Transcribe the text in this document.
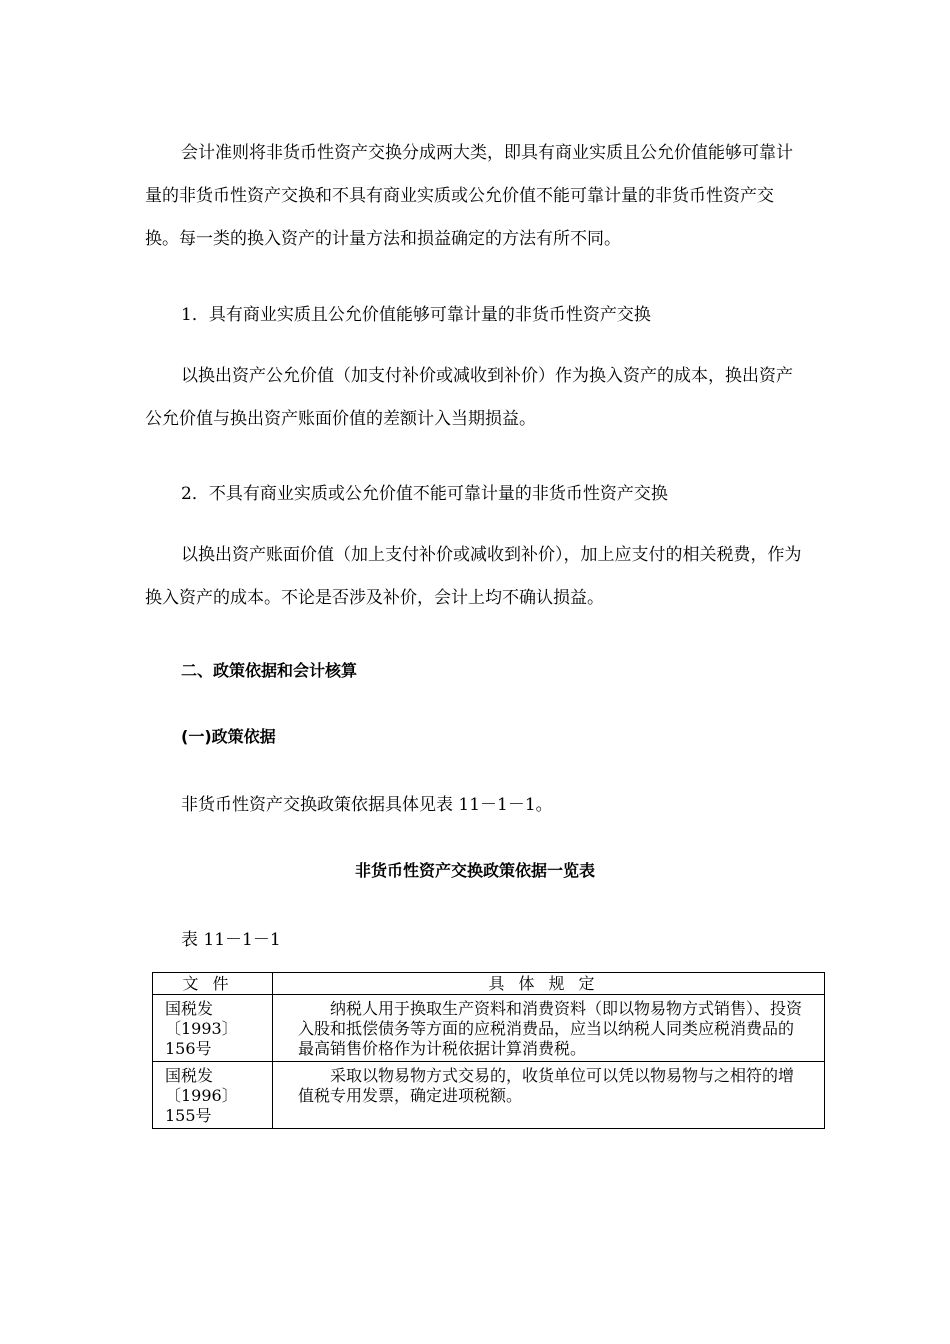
会计准则将非货币性资产交换分成两大类，即具有商业实质且公允价值能够可靠计量的非货币性资产交换和不具有商业实质或公允价值不能可靠计量的非货币性资产交换。每一类的换入资产的计量方法和损益确定的方法有所不同。

1．具有商业实质且公允价值能够可靠计量的非货币性资产交换

以换出资产公允价值（加支付补价或减收到补价）作为换入资产的成本，换出资产公允价值与换出资产账面价值的差额计入当期损益。

2．不具有商业实质或公允价值不能可靠计量的非货币性资产交换

以换出资产账面价值（加上支付补价或减收到补价），加上应支付的相关税费，作为换入资产的成本。不论是否涉及补价，会计上均不确认损益。

二、政策依据和会计核算

(一)政策依据

非货币性资产交换政策依据具体见表 11－1－1。

非货币性资产交换政策依据一览表

表 11－1－1

文件	具体规定
国税发〔1993〕156号	纳税人用于换取生产资料和消费资料（即以物易物方式销售）、投资入股和抵偿债务等方面的应税消费品，应当以纳税人同类应税消费品的最高销售价格作为计税依据计算消费税。
国税发〔1996〕155号	采取以物易物方式交易的，收货单位可以凭以物易物与之相符的增值税专用发票，确定进项税额。
